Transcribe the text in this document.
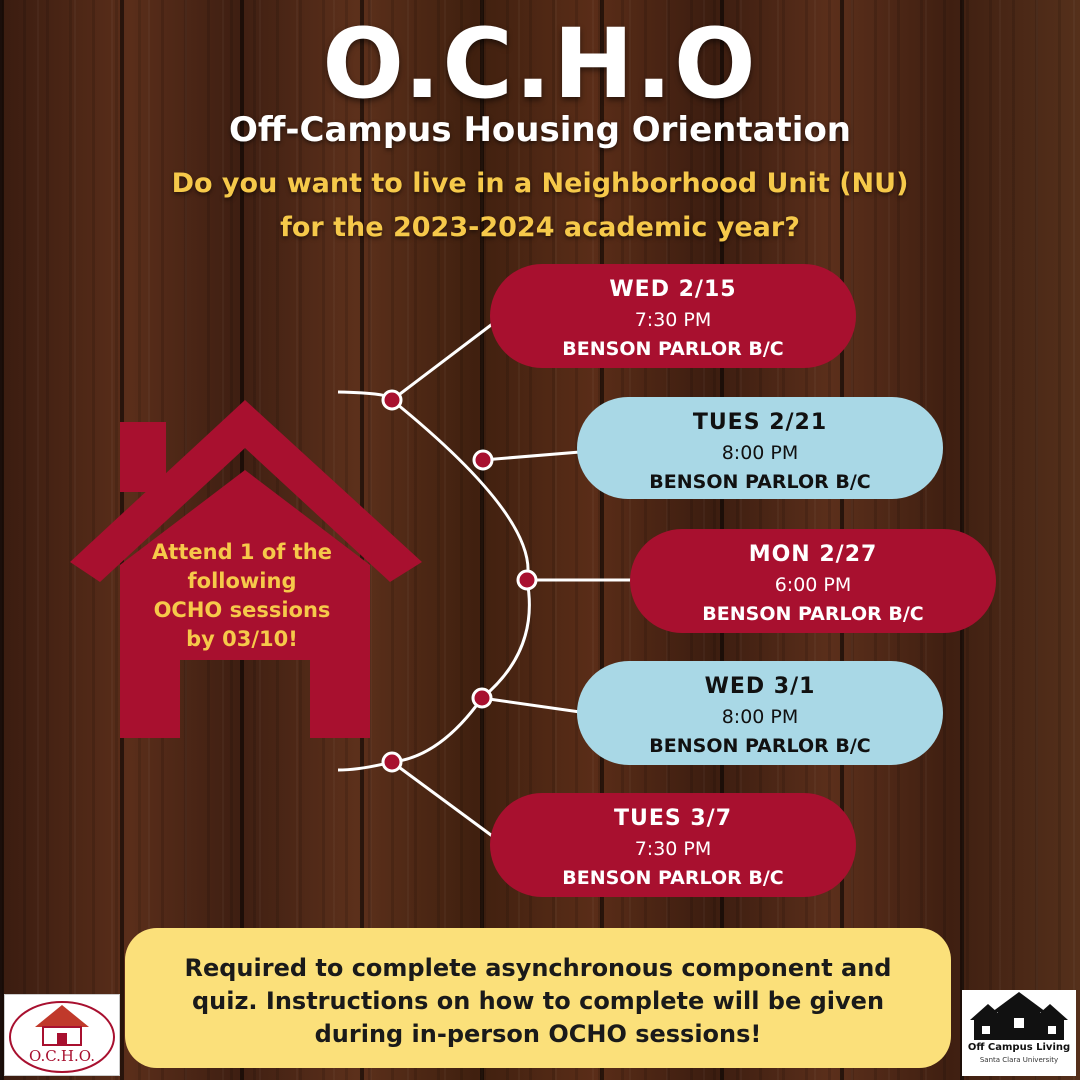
O.C.H.O
Off-Campus Housing Orientation
Do you want to live in a Neighborhood Unit (NU)
for the 2023-2024 academic year?
Attend 1 of the
following
OCHO sessions
by 03/10!
WED 2/15
7:30 PM
BENSON PARLOR B/C
TUES 2/21
8:00 PM
BENSON PARLOR B/C
MON 2/27
6:00 PM
BENSON PARLOR B/C
WED 3/1
8:00 PM
BENSON PARLOR B/C
TUES 3/7
7:30 PM
BENSON PARLOR B/C
Required to complete asynchronous component and
quiz. Instructions on how to complete will be given
during in-person OCHO sessions!
O.C.H.O.	Off Campus Living
Santa Clara University
